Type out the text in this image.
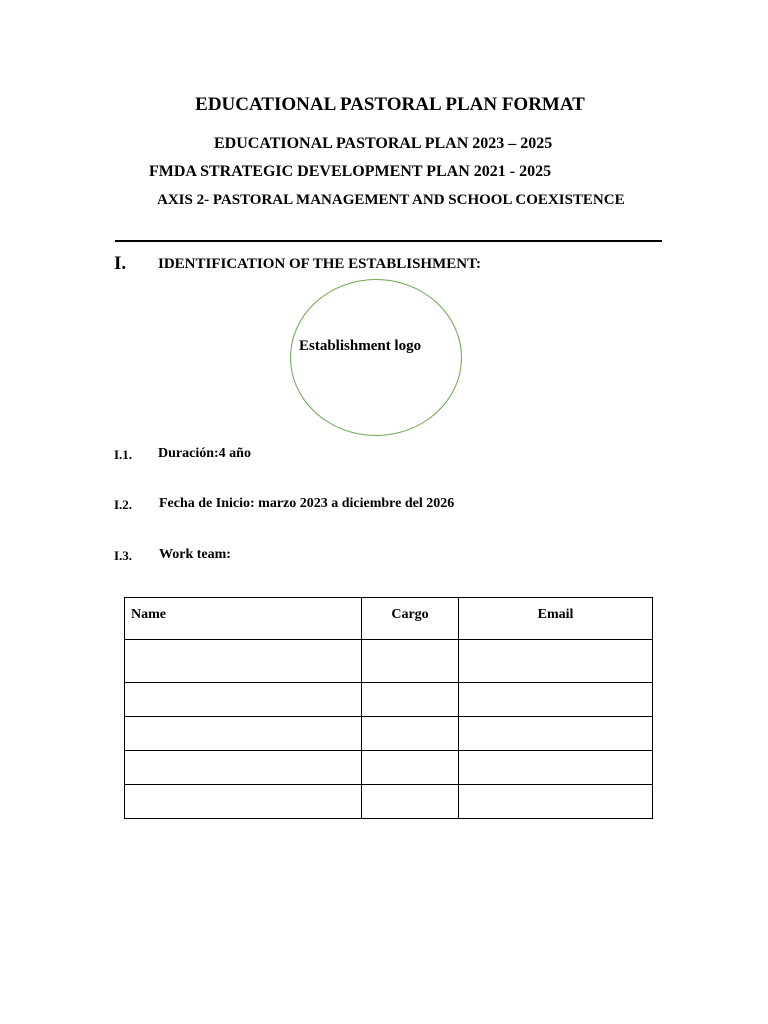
EDUCATIONAL PASTORAL PLAN FORMAT
EDUCATIONAL PASTORAL PLAN 2023 – 2025
FMDA STRATEGIC DEVELOPMENT PLAN 2021 - 2025
AXIS 2- PASTORAL MANAGEMENT AND SCHOOL COEXISTENCE
I. IDENTIFICATION OF THE ESTABLISHMENT:
Establishment logo
I.1. Duración:4 año
I.2. Fecha de Inicio: marzo 2023 a diciembre del 2026
I.3. Work team:
Name	Cargo	Email
